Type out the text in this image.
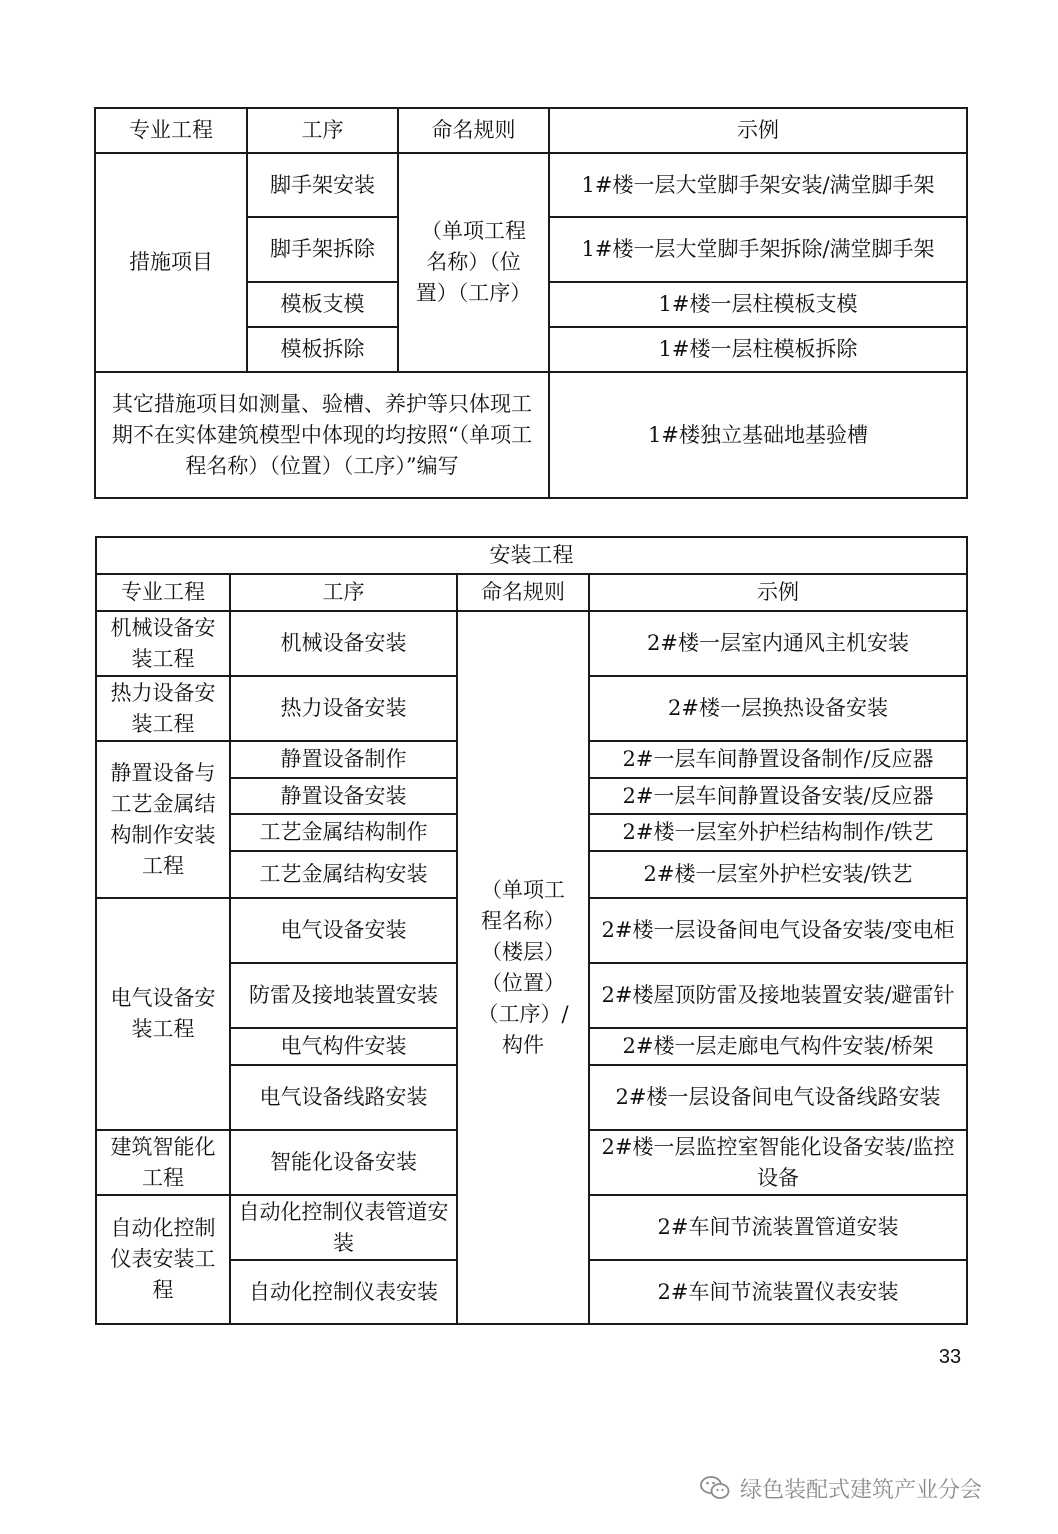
专业工程	工序	命名规则	示例
措施项目	脚手架安装	（单项工程名称）（位置）（工序）	1#楼一层大堂脚手架安装/满堂脚手架
	脚手架拆除		1#楼一层大堂脚手架拆除/满堂脚手架
	模板支模		1#楼一层柱模板支模
	模板拆除		1#楼一层柱模板拆除
其它措施项目如测量、验槽、养护等只体现工期不在实体建筑模型中体现的均按照“（单项工程名称）（位置）（工序）”编写			1#楼独立基础地基验槽
安装工程			
专业工程	工序	命名规则	示例
机械设备安装工程	机械设备安装	（单项工程名称）（楼层）（位置）（工序）/构件	2#楼一层室内通风主机安装
热力设备安装工程	热力设备安装		2#楼一层换热设备安装
静置设备与工艺金属结构制作安装工程	静置设备制作		2#一层车间静置设备制作/反应器
	静置设备安装		2#一层车间静置设备安装/反应器
	工艺金属结构制作		2#楼一层室外护栏结构制作/铁艺
	工艺金属结构安装		2#楼一层室外护栏安装/铁艺
电气设备安装工程	电气设备安装		2#楼一层设备间电气设备安装/变电柜
	防雷及接地装置安装		2#楼屋顶防雷及接地装置安装/避雷针
	电气构件安装		2#楼一层走廊电气构件安装/桥架
	电气设备线路安装		2#楼一层设备间电气设备线路安装
建筑智能化工程	智能化设备安装		2#楼一层监控室智能化设备安装/监控设备
自动化控制仪表安装工程	自动化控制仪表管道安装		2#车间节流装置管道安装
	自动化控制仪表安装		2#车间节流装置仪表安装
33
绿色装配式建筑产业分会
